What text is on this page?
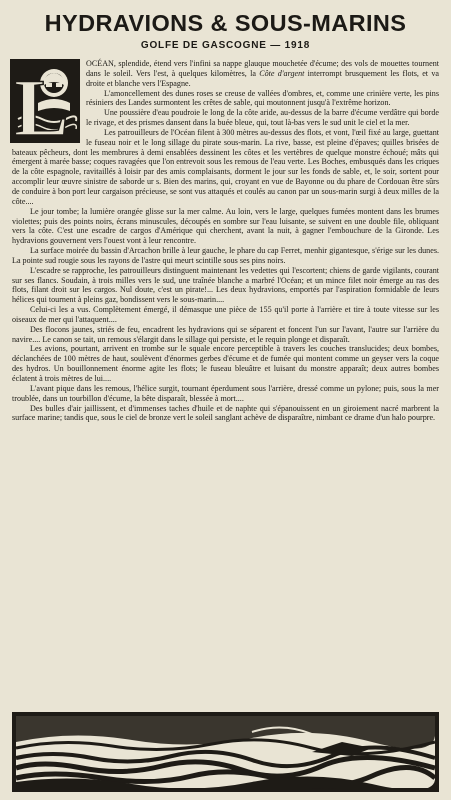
HYDRAVIONS & SOUS-MARINS
GOLFE DE GASCOGNE — 1918
L	OCÉAN, splendide, étend vers l'infini sa nappe glauque mouchetée d'écume; des vols de mouettes tournent dans le soleil. Vers l'est, à quelques kilomètres, la Côte d'argent interrompt brusquement les flots, et va droite et blanche vers l'Espagne.

L'amoncellement des dunes roses se creuse de vallées d'ombres, et, comme une crinière verte, les pins résiniers des Landes surmontent les crêtes de sable, qui moutonnent jusqu'à l'extrême horizon.

Une poussière d'eau poudroie le long de la côte aride, au-dessus de la barre d'écume verdâtre qui borde le rivage, et des prismes dansent dans la buée bleue, qui, tout là-bas vers le sud unit le ciel et la mer.

Les patrouilleurs de l'Océan filent à 300 mètres au-dessus des flots, et vont, l'œil fixé au large, guettant le fuseau noir et le long sillage du pirate sous-marin. La rive, basse, est pleine d'épaves; quilles brisées de bateaux pêcheurs, dont les membrures à demi ensablées dessinent les côtes et les vertèbres de quelque monstre échoué; mâts qui émergent à marée basse; coques ravagées que l'on entrevoit sous les remous de l'eau verte. Les Boches, embusqués dans les criques de la côte espagnole, ravitaillés à loisir par des amis complaisants, dorment le jour sur les fonds de sable, et, le soir, sortent pour accomplir leur œuvre sinistre de saborde ur s. Bien des marins, qui, croyant en vue de Bayonne ou du phare de Cordouan être sûrs de conduire à bon port leur cargaison précieuse, se sont vus attaqués et coulés au canon par un sous-marin surgi à deux milles de la côte....

Le jour tombe; la lumière orangée glisse sur la mer calme. Au loin, vers le large, quelques fumées montent dans les brumes violettes; puis des points noirs, écrans minuscules, découpés en sombre sur l'eau luisante, se suivent en une double file, obliquant vers la côte. C'est une escadre de cargos d'Amérique qui cherchent, avant la nuit, à gagner l'embouchure de la Gironde. Les hydravions gouvernent vers l'ouest vont à leur rencontre.

La surface moirée du bassin d'Arcachon brille à leur gauche, le phare du cap Ferret, menhir gigantesque, s'érige sur les dunes. La pointe sud rougie sous les rayons de l'astre qui meurt scintille sous ses pins noirs.

L'escadre se rapproche, les patrouilleurs distinguent maintenant les vedettes qui l'escortent; chiens de garde vigilants, courant sur ses flancs. Soudain, à trois milles vers le sud, une traînée blanche a marbré l'Océan; et un mince filet noir émerge au ras des flots, filant droit sur les cargos. Nul doute, c'est un pirate!... Les deux hydravions, emportés par l'aspiration formidable de leurs hélices qui tournent à pleins gaz, bondissent vers le sous-marin....

Celui-ci les a vus. Complètement émergé, il démasque une pièce de 155 qu'il porte à l'arrière et tire à toute vitesse sur les oiseaux de mer qui l'attaquent....

Des flocons jaunes, striés de feu, encadrent les hydravions qui se séparent et foncent l'un sur l'avant, l'autre sur l'arrière du navire.... Le canon se tait, un remous s'élargit dans le sillage qui persiste, et le requin plonge et disparaît.

Les avions, pourtant, arrivent en trombe sur le squale encore perceptible à travers les couches translucides; deux bombes, déclanchées de 100 mètres de haut, soulèvent d'énormes gerbes d'écume et de fumée qui montent comme un geyser vers la coque des hydros. Un bouillonnement énorme agite les flots; le fuseau bleuâtre et luisant du monstre apparaît; deux autres bombes éclatent à trois mètres de lui....

L'avant pique dans les remous, l'hélice surgit, tournant éperdument sous l'arrière, dressé comme un pylone; puis, sous la mer troublée, dans un tourbillon d'écume, la bête disparaît, blessée à mort....

Des bulles d'air jaillissent, et d'immenses taches d'huile et de naphte qui s'épanouissent en un giroiement nacré marbrent la surface marine; tandis que, sous le ciel de bronze vert le soleil sanglant achève de disparaître, nimbant ce drame d'un halo pourpre.
